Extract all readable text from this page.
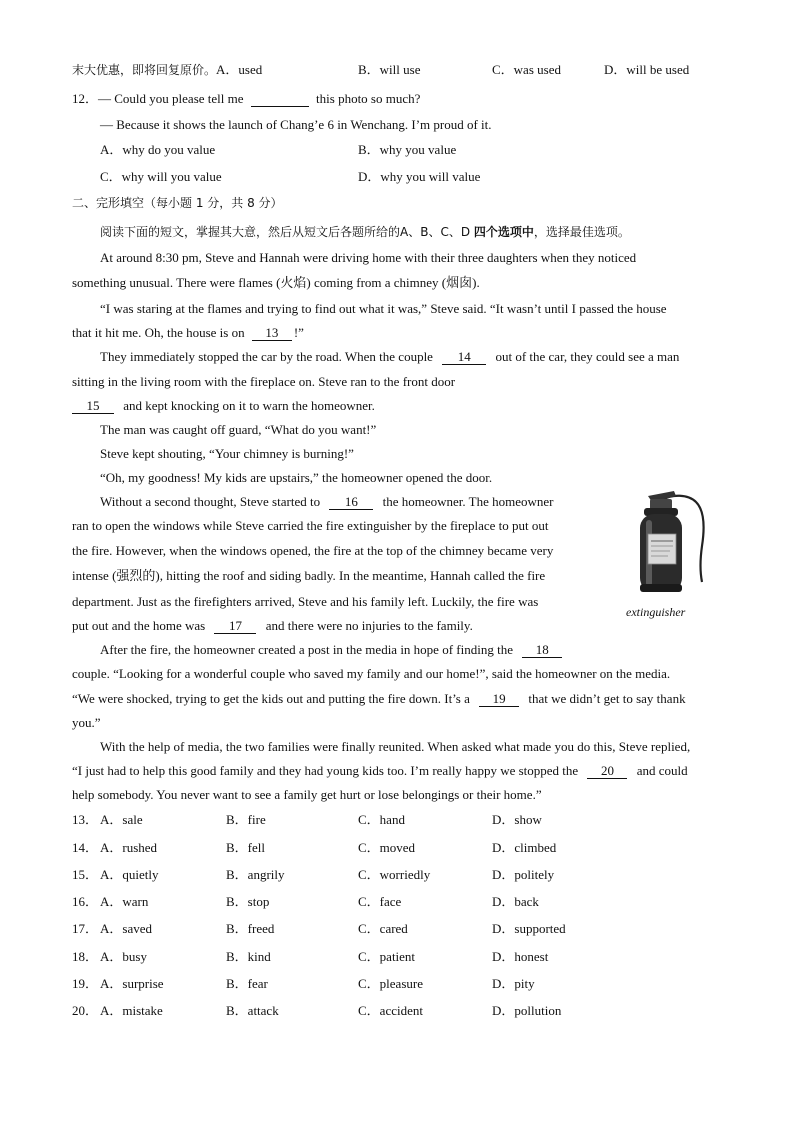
末大优惠，即将回复原价。A．used	B．will use	C．was used	D．will be used
12．— Could you please tell me	this photo so much?
— Because it shows the launch of Chang’e 6 in Wenchang. I’m proud of it.
A．why do you value	B．why you value
C．why will you value	D．why you will value
二、完形填空（每小题 1 分，共 8 分）
阅读下面的短文，掌握其大意，然后从短文后各题所给的A、B、C、D 四个选项中，选择最佳选项。
At around 8:30 pm, Steve and Hannah were driving home with their three daughters when they noticed
something unusual. There were flames (火焰) coming from a chimney (烟囱).
“I was staring at the flames and trying to find out what it was,” Steve said. “It wasn’t until I passed the house
that it hit me. Oh, the house is on 13 !”
They immediately stopped the car by the road. When the couple 14 out of the car, they could see a man
sitting in the living room with the fireplace on. Steve ran to the front door
15 and kept knocking on it to warn the homeowner.
The man was caught off guard, “What do you want!”
Steve kept shouting, “Your chimney is burning!”
“Oh, my goodness! My kids are upstairs,” the homeowner opened the door.
Without a second thought, Steve started to 16 the homeowner. The homeowner
ran to open the windows while Steve carried the fire extinguisher by the fireplace to put out
the fire. However, when the windows opened, the fire at the top of the chimney became very
intense (强烈的), hitting the roof and siding badly. In the meantime, Hannah called the fire
department. Just as the firefighters arrived, Steve and his family left. Luckily, the fire was
put out and the home was 17 and there were no injuries to the family.
extinguisher
After the fire, the homeowner created a post in the media in hope of finding the 18
couple. “Looking for a wonderful couple who saved my family and our home!”, said the homeowner on the media.
“We were shocked, trying to get the kids out and putting the fire down. It’s a 19 that we didn’t get to say thank
you.”
With the help of media, the two families were finally reunited. When asked what made you do this, Steve replied,
“I just had to help this good family and they had young kids too. I’m really happy we stopped the 20 and could
help somebody. You never want to see a family get hurt or lose belongings or their home.”
13． A．sale	B．fire	C．hand	D．show
14． A．rushed	B．fell	C．moved	D．climbed
15． A．quietly	B．angrily	C．worriedly	D．politely
16． A．warn	B．stop	C．face	D．back
17． A．saved	B．freed	C．cared	D．supported
18． A．busy	B．kind	C．patient	D．honest
19． A．surprise	B．fear	C．pleasure	D．pity
20． A．mistake	B．attack	C．accident	D．pollution
